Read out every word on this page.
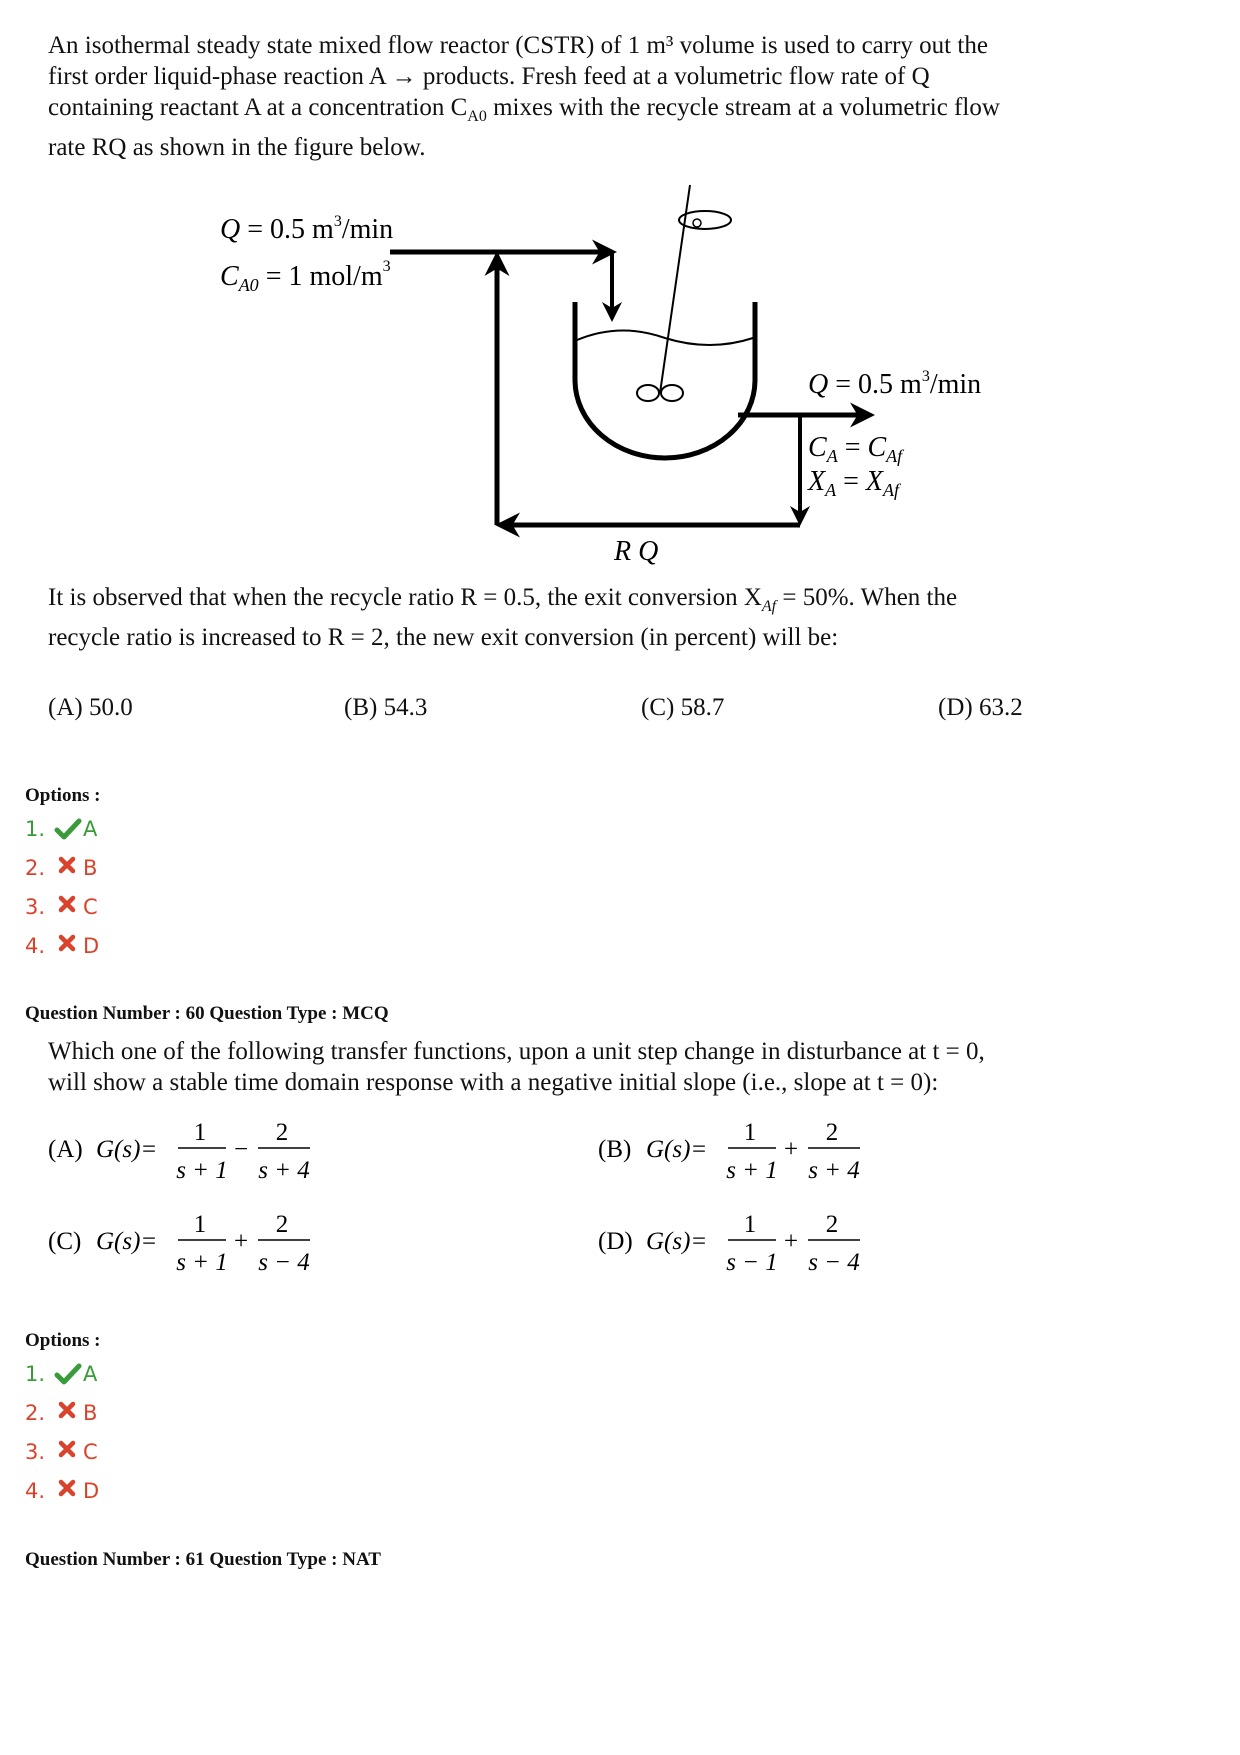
An isothermal steady state mixed flow reactor (CSTR) of 1 m³ volume is used to carry out the

first order liquid-phase reaction A → products. Fresh feed at a volumetric flow rate of Q

containing reactant A at a concentration $C_{A0}$ mixes with the recycle stream at a volumetric flow

rate RQ as shown in the figure below.

Q = 0.5 $m^3/\min$
$C_{A0} = 1$ mol/$m^3$
Q = 0.5 $m^3/\min$
$C_A = C_{Af}$
$X_A = X_{Af}$
R Q

It is observed that when the recycle ratio R = 0.5, the exit conversion $X_{Af} = 50\%$. When the

recycle ratio is increased to R = 2, the new exit conversion (in percent) will be:

(A) 50.0	(B) 54.3	(C) 58.7	(D) 63.2
Options :
1.	A
2.	B
3.	C
4.	D
Question Number : 60 Question Type : MCQ

Which one of the following transfer functions, upon a unit step change in disturbance at t = 0,

will show a stable time domain response with a negative initial slope (i.e., slope at t = 0):

(A) G(s)=
1
s + 1
−
2
s + 4
(B) G(s)=
1
s + 1
+
2
s + 4
(C) G(s)=
1
s + 1
+
2
s − 4
(D) G(s)=
1
s − 1
+
2
s − 4
Options :
1.	A
2.	B
3.	C
4.	D
Question Number : 61 Question Type : NAT
